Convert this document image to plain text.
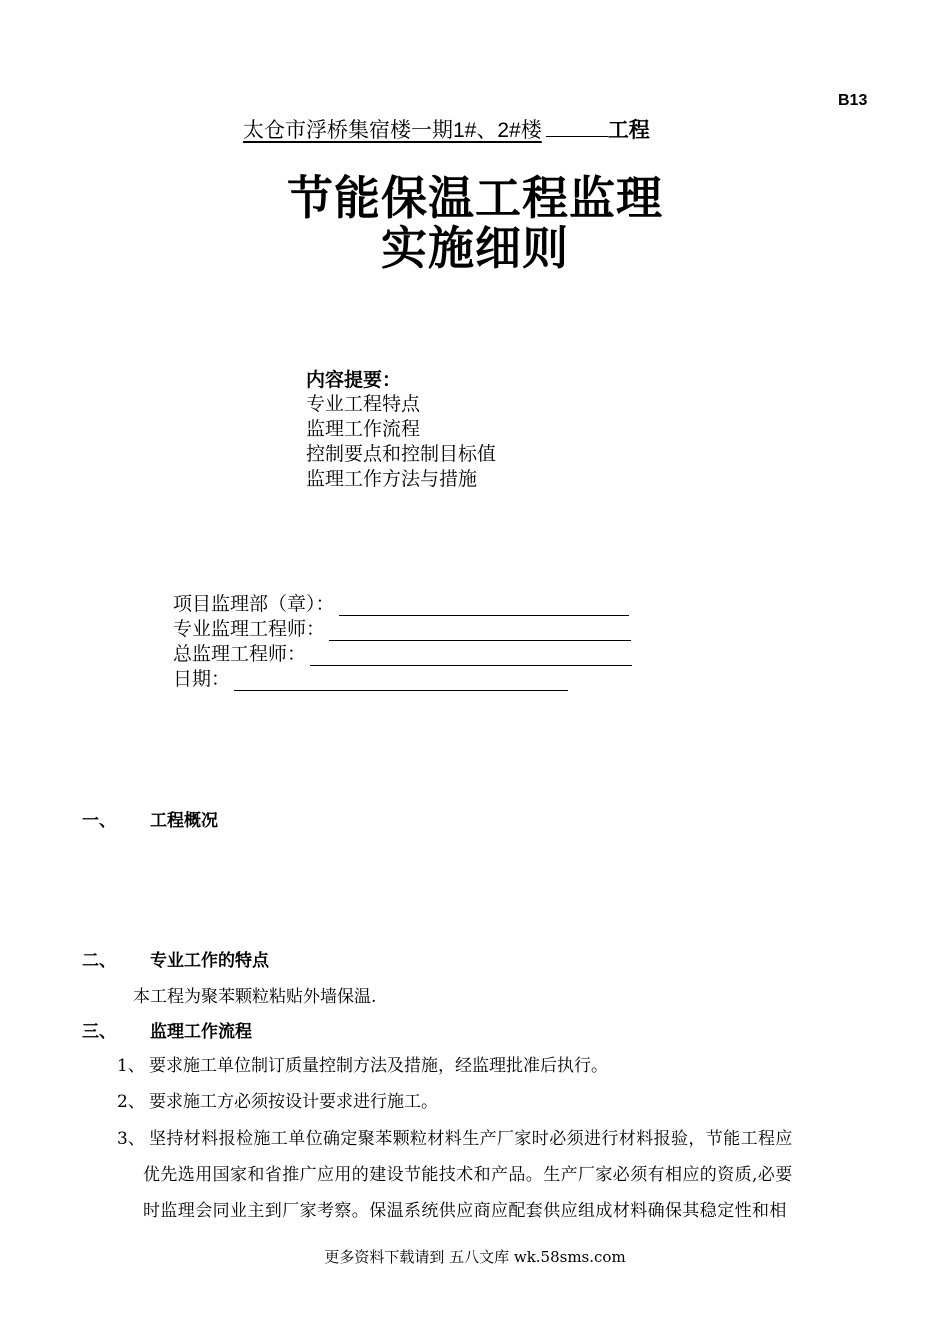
B13
太仓市浮桥集宿楼一期1#、2#楼	工程
节能保温工程监理
实施细则
内容提要：
专业工程特点
监理工作流程
控制要点和控制目标值
监理工作方法与措施
项目监理部（章）：
专业监理工程师：
总监理工程师：
日期：
一、 工程概况
二、 专业工作的特点
本工程为聚苯颗粒粘贴外墙保温.
三、 监理工作流程
1、 要求施工单位制订质量控制方法及措施，经监理批准后执行。
2、 要求施工方必须按设计要求进行施工。
3、 坚持材料报检施工单位确定聚苯颗粒材料生产厂家时必须进行材料报验，节能工程应
优先选用国家和省推广应用的建设节能技术和产品。生产厂家必须有相应的资质,必要
时监理会同业主到厂家考察。保温系统供应商应配套供应组成材料确保其稳定性和相
更多资料下载请到 五八文库 wk.58sms.com
